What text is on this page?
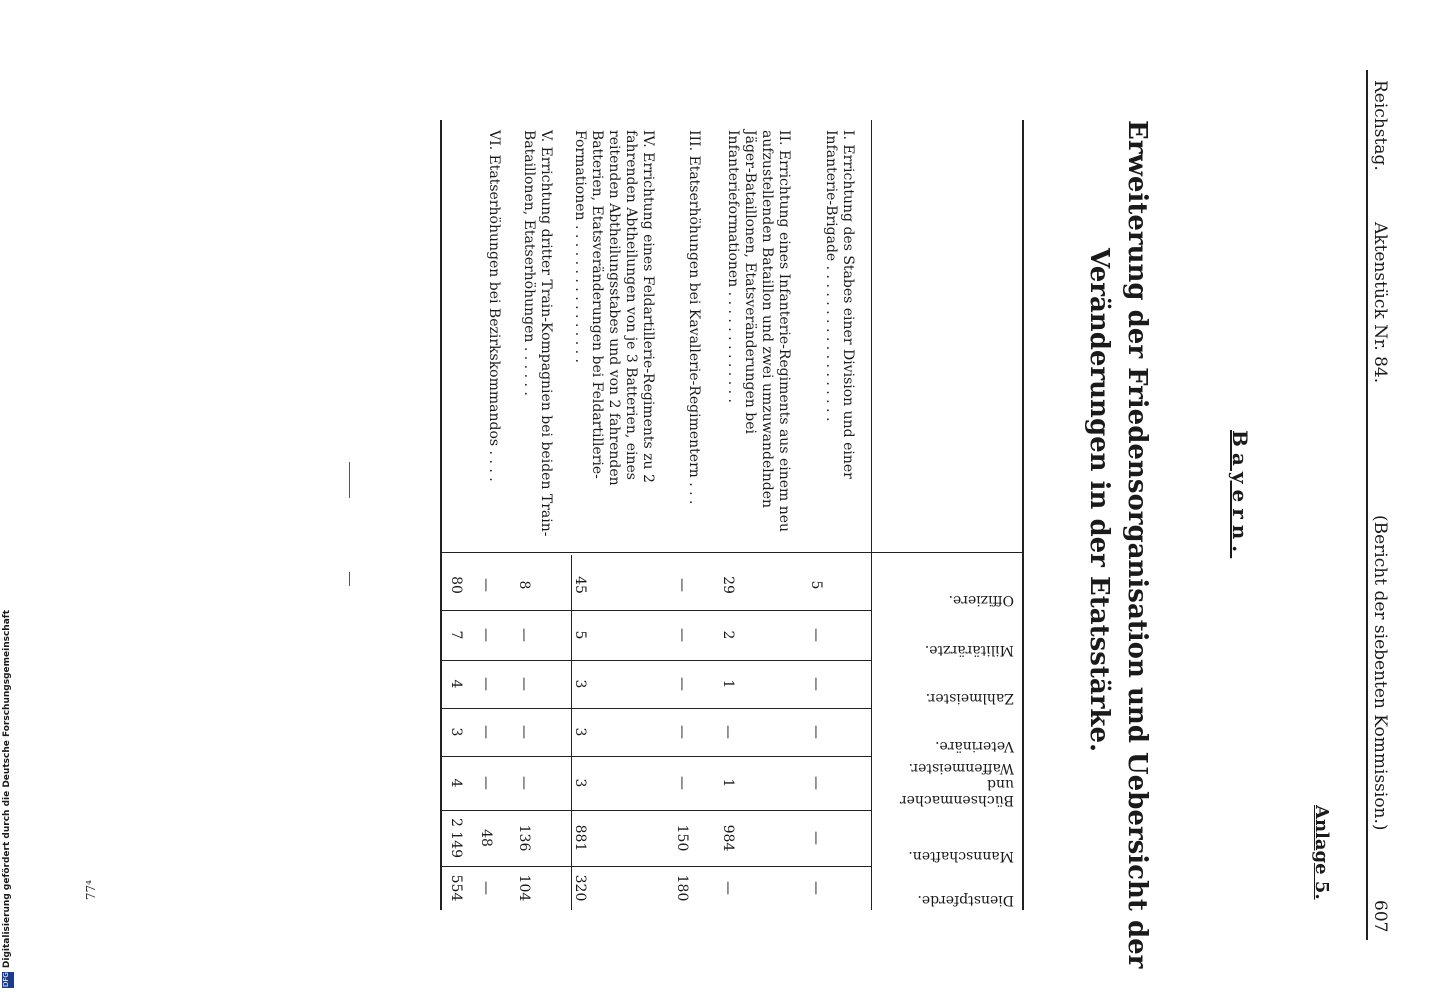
Reichstag.
Aktenstück Nr. 84.
(Bericht der siebenten Kommission.)
607
Anlage 5.
Bayern.
Erweiterung der Friedensorganisation und Uebersicht der
Veränderungen in der Etatsstärke.
Offiziere.
Militärärzte.
Zahlmeister.
Veterinäre.
Büchsenmacher und Waffenmeister.
Mannschaften.
Dienstpferde.
I. Errichtung des Stabes einer Division und einer Infanterie-Brigade . . . . . . . . . . . . . . . . . .
5
—
—
—
—
—
—
II. Errichtung eines Infanterie-Regiments aus einem neu aufzustellenden Bataillon und zwei umzuwandelnden Jäger-Bataillonen, Etatsveränderungen bei Infanterieformationen . . . . . . . . . . . . .
29
2
1
—
1
984
—
III. Etatserhöhungen bei Kavallerie-Regimentern . . .
—
—
—
—
—
150
180
IV. Errichtung eines Feldartillerie-Regiments zu 2 fahrenden Abtheilungen von je 3 Batterien, eines reitenden Abtheilungsstabes und von 2 fahrenden Batterien, Etatsveränderungen bei Feldartillerie-Formationen . . . . . . . . . . . . . . . .
45
5
3
3
3
881
320
V. Errichtung dritter Train-Kompagnien bei beiden Train-Bataillonen, Etatserhöhungen . . . . . .
8
—
—
—
—
136
104
VI. Etatserhöhungen bei Bezirkskommandos . . . .
—
—
—
—
—
48
—
80
7
4
3
4
2 149
554
Digitalisierung gefördert durch die Deutsche Forschungsgemeinschaft
DFG
77⁴
